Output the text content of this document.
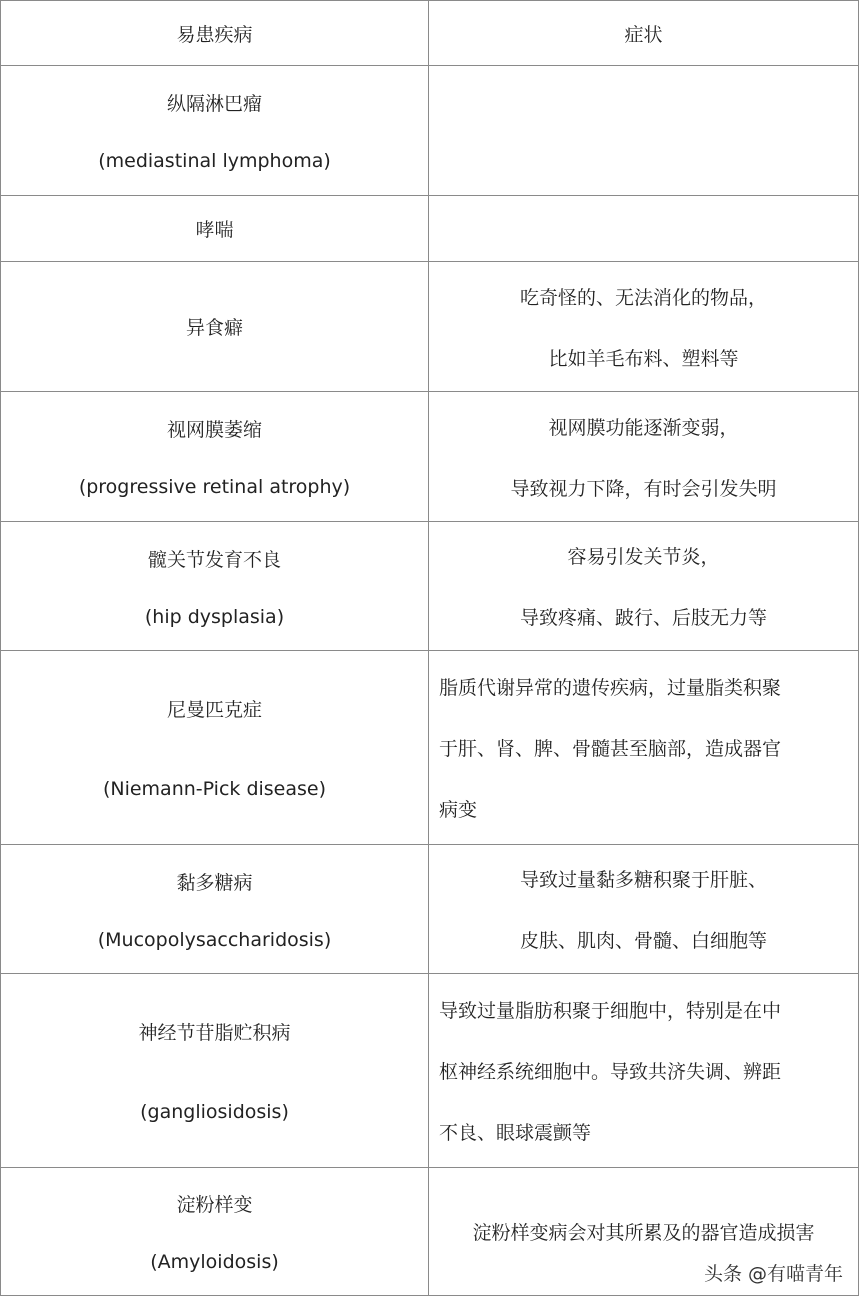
易患疾病	症状

纵隔淋巴瘤
(mediastinal lymphoma)	

哮喘	

异食癖	吃奇怪的、无法消化的物品，
比如羊毛布料、塑料等

视网膜萎缩
(progressive retinal atrophy)	视网膜功能逐渐变弱，
导致视力下降，有时会引发失明

髋关节发育不良
(hip dysplasia)	容易引发关节炎，
导致疼痛、跛行、后肢无力等

尼曼匹克症
(Niemann-Pick disease)	脂质代谢异常的遗传疾病，过量脂类积聚
于肝、肾、脾、骨髓甚至脑部，造成器官
病变

黏多糖病
(Mucopolysaccharidosis)	导致过量黏多糖积聚于肝脏、
皮肤、肌肉、骨髓、白细胞等

神经节苷脂贮积病
(gangliosidosis)	导致过量脂肪积聚于细胞中，特别是在中
枢神经系统细胞中。导致共济失调、辨距
不良、眼球震颤等

淀粉样变
(Amyloidosis)	淀粉样变病会对其所累及的器官造成损害
头条 @有喵青年
